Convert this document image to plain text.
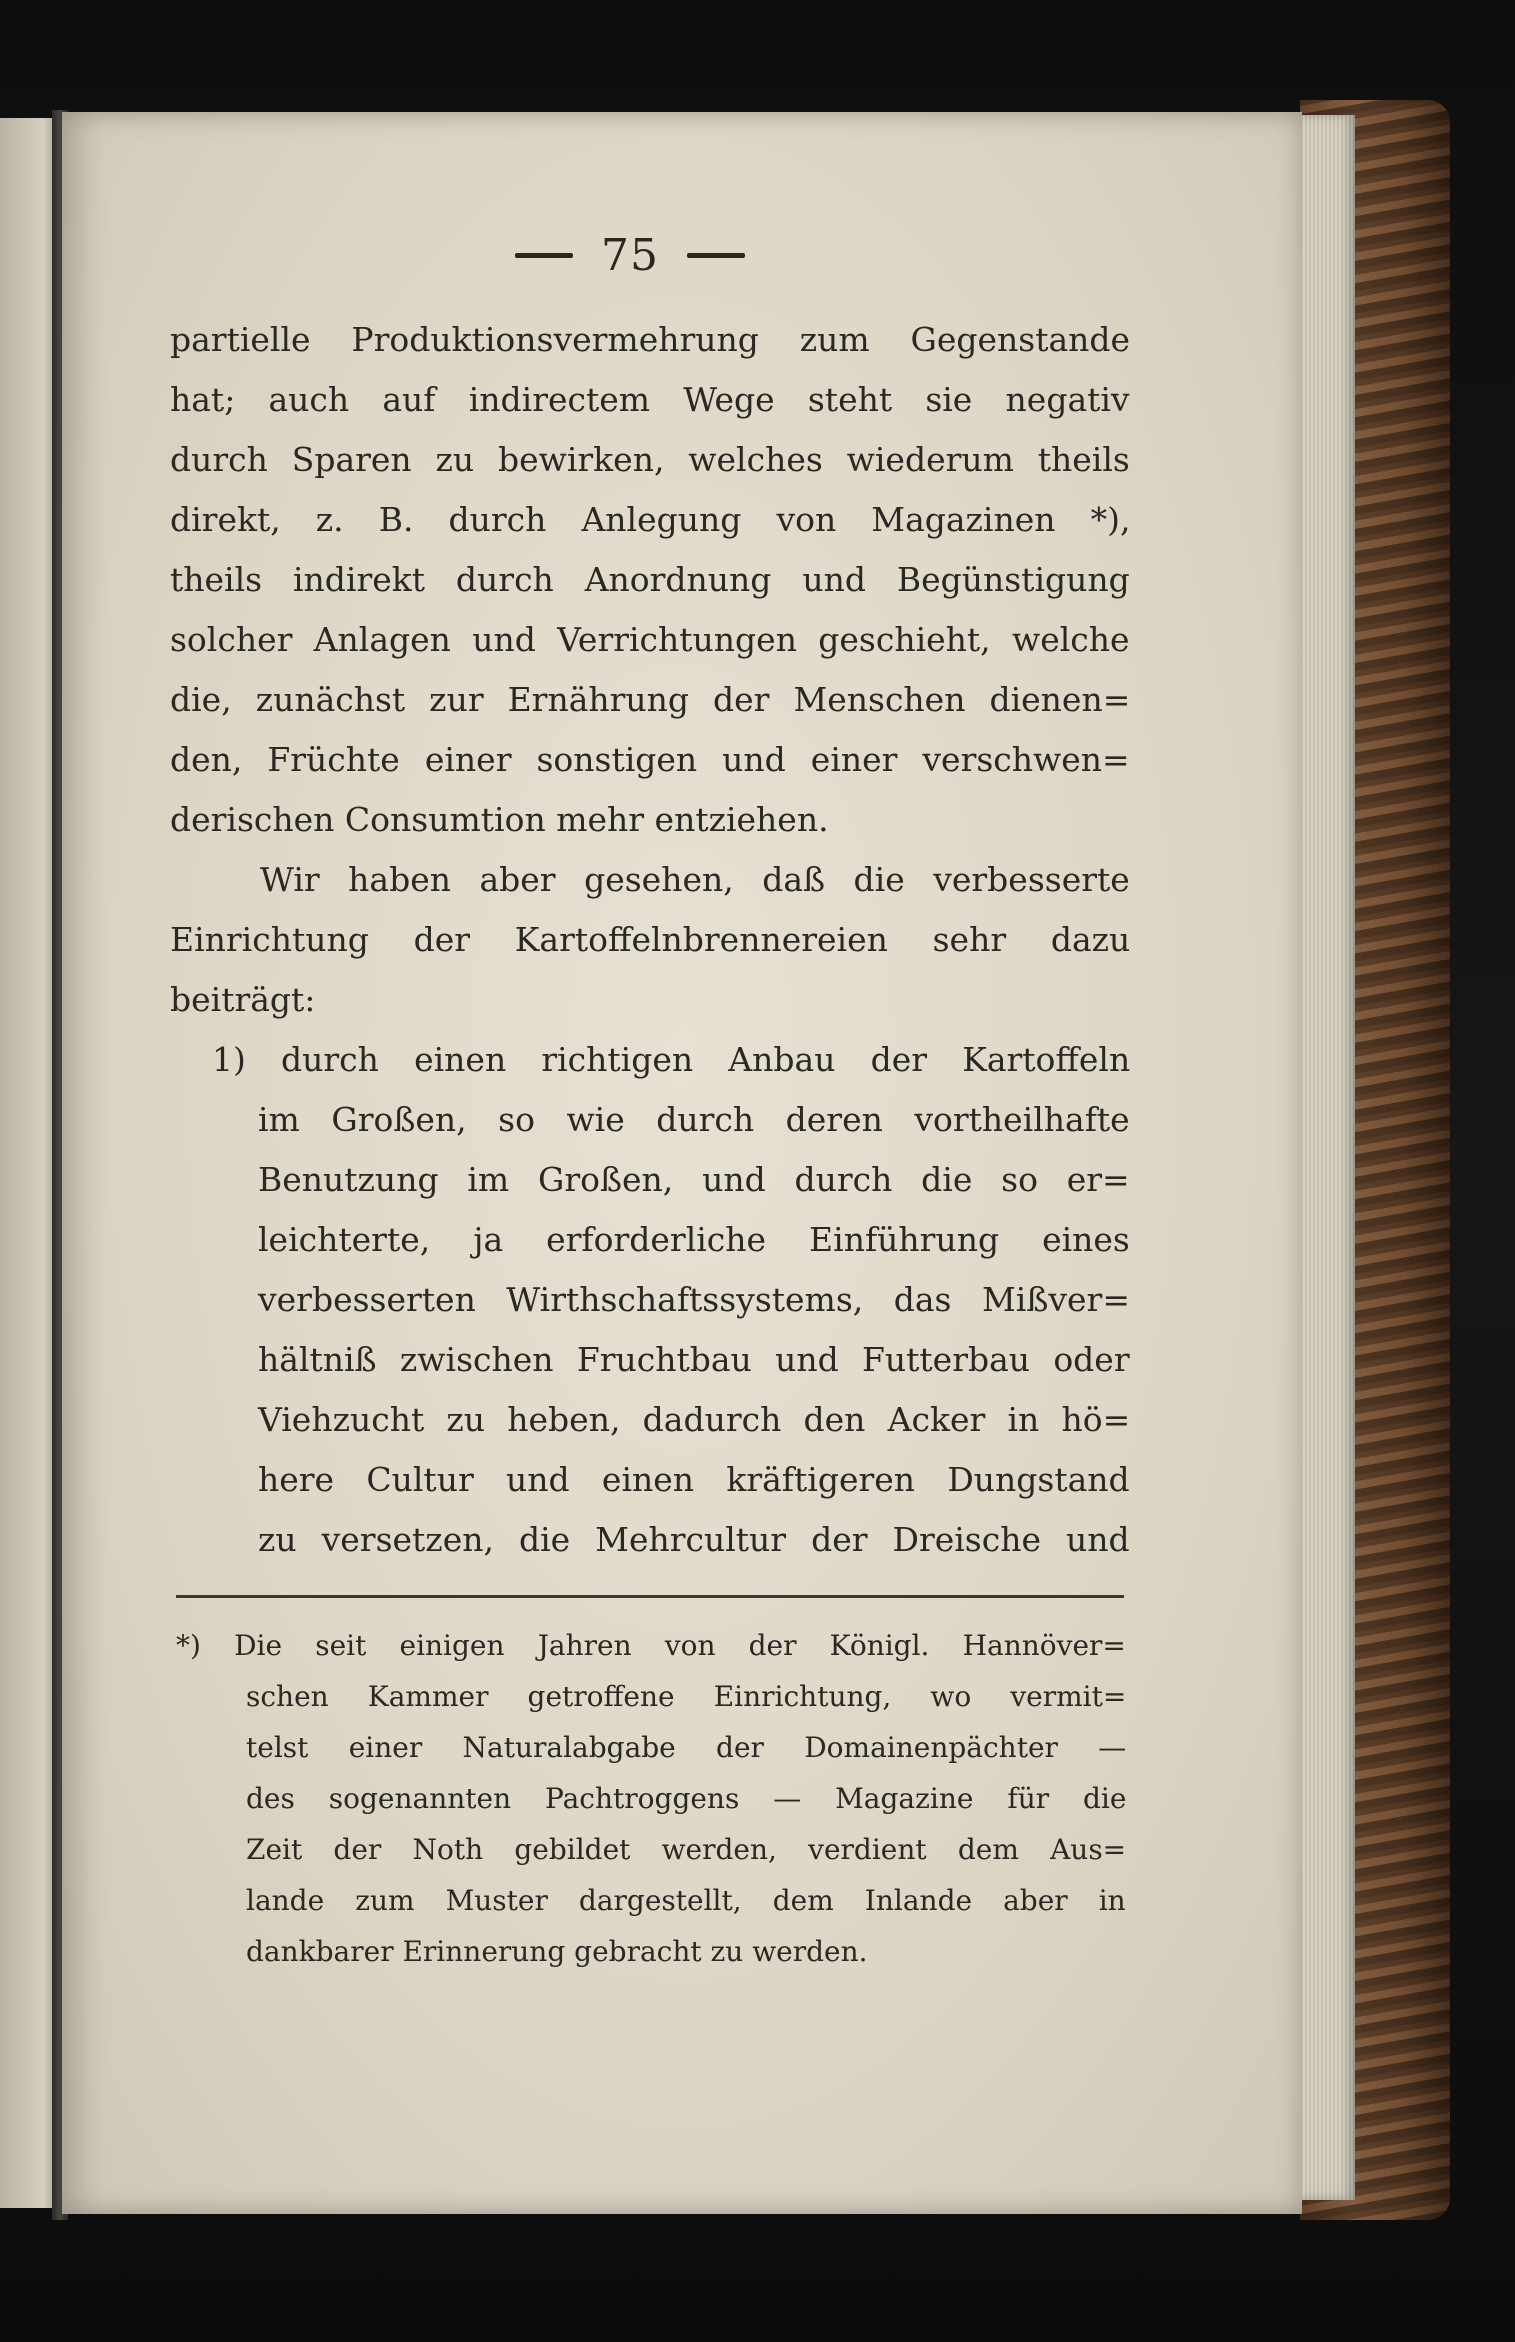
75
partielle Produktionsvermehrung zum Gegenstande
hat; auch auf indirectem Wege steht sie negativ
durch Sparen zu bewirken, welches wiederum theils
direkt, z. B. durch Anlegung von Magazinen *),
theils indirekt durch Anordnung und Begünstigung
solcher Anlagen und Verrichtungen geschieht, welche
die, zunächst zur Ernährung der Menschen dienen=
den, Früchte einer sonstigen und einer verschwen=
derischen Consumtion mehr entziehen.
Wir haben aber gesehen, daß die verbesserte
Einrichtung der Kartoffelnbrennereien sehr dazu
beiträgt:
1) durch einen richtigen Anbau der Kartoffeln
im Großen, so wie durch deren vortheilhafte
Benutzung im Großen, und durch die so er=
leichterte, ja erforderliche Einführung eines
verbesserten Wirthschaftssystems, das Mißver=
hältniß zwischen Fruchtbau und Futterbau oder
Viehzucht zu heben, dadurch den Acker in hö=
here Cultur und einen kräftigeren Dungstand
zu versetzen, die Mehrcultur der Dreische und
*) Die seit einigen Jahren von der Königl. Hannöver=
schen Kammer getroffene Einrichtung, wo vermit=
telst einer Naturalabgabe der Domainenpächter —
des sogenannten Pachtroggens — Magazine für die
Zeit der Noth gebildet werden, verdient dem Aus=
lande zum Muster dargestellt, dem Inlande aber in
dankbarer Erinnerung gebracht zu werden.
